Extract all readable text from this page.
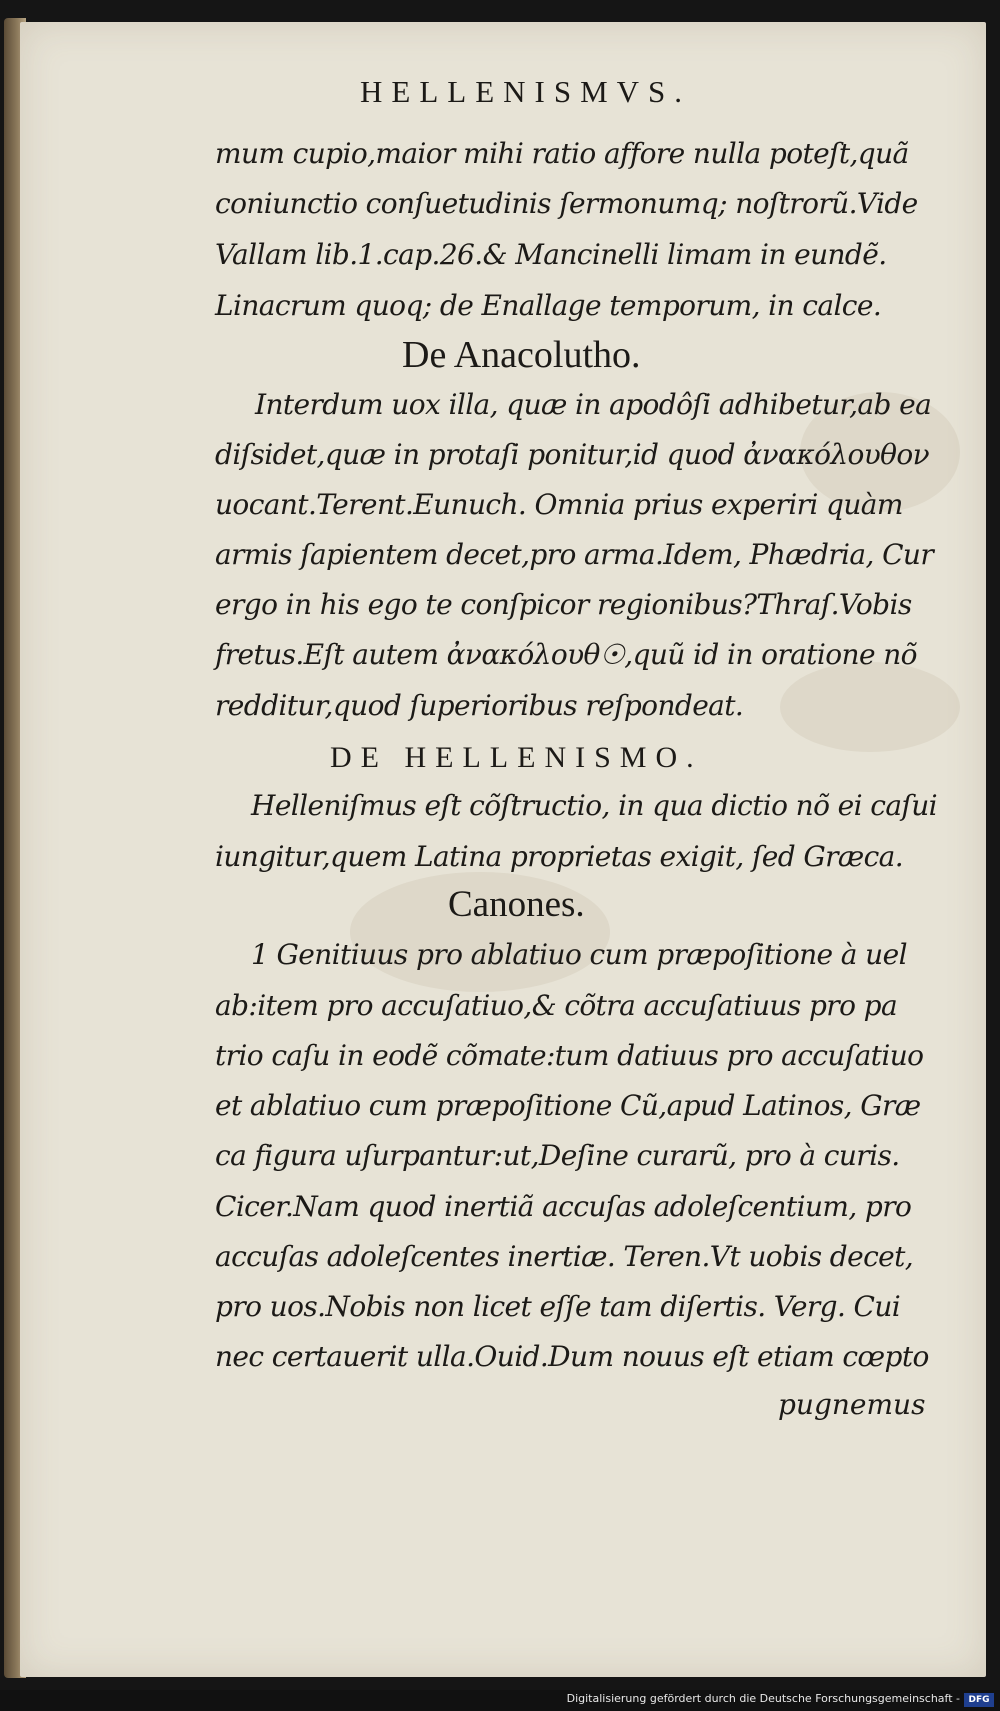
HELLENISMVS.
mum cupio,maior mihi ratio afforе nulla poteſt,quã
coniunctio conſuetudinis ſermonumq; noſtrorũ.Vide
Vallam lib.1.cap.26.& Mancinelli limam in eundẽ.
Linacrum quoq; de Enallage temporum, in calce.
Interdum uox illa, quæ in apodôſi adhibetur,ab ea
diſsidet,quæ in protaſi ponitur,id quod ἀνακόλουθον
uocant.Terent.Eunuch. Omnia prius experiri quàm
armis ſapientem decet,pro arma.Idem, Phædria, Cur
ergo in his ego te conſpicor regionibus?Thraſ.Vobis
fretus.Eſt autem ἀνακόλουθ☉,quũ id in oratione nõ
redditur,quod ſuperioribus reſpondeat.
Helleniſmus eſt cõſtructio, in qua dictio nõ ei caſui
iungitur,quem Latina proprietas exigit, ſed Græca.
1 Genitiuus pro ablatiuo cum præpoſitione à uel
ab:item pro accuſatiuo,& cõtra accuſatiuus pro pa
trio caſu in eodẽ cõmate:tum datiuus pro accuſatiuo
et ablatiuo cum præpoſitione Cũ,apud Latinos, Græ
ca figura uſurpantur:ut,Deſine curarũ, pro à curis.
Cicer.Nam quod inertiã accuſas adoleſcentium, pro
accuſas adoleſcentes inertiæ. Teren.Vt uobis decet,
pro uos.Nobis non licet eſſe tam diſertis. Verg. Cui
nec certauerit ulla.Ouid.Dum nouus eſt etiam cœpto
De Anacolutho.
DE HELLENISMO.
Canones.
pugnemus
Digitalisierung gefördert durch die Deutsche Forschungsgemeinschaft - DFG
